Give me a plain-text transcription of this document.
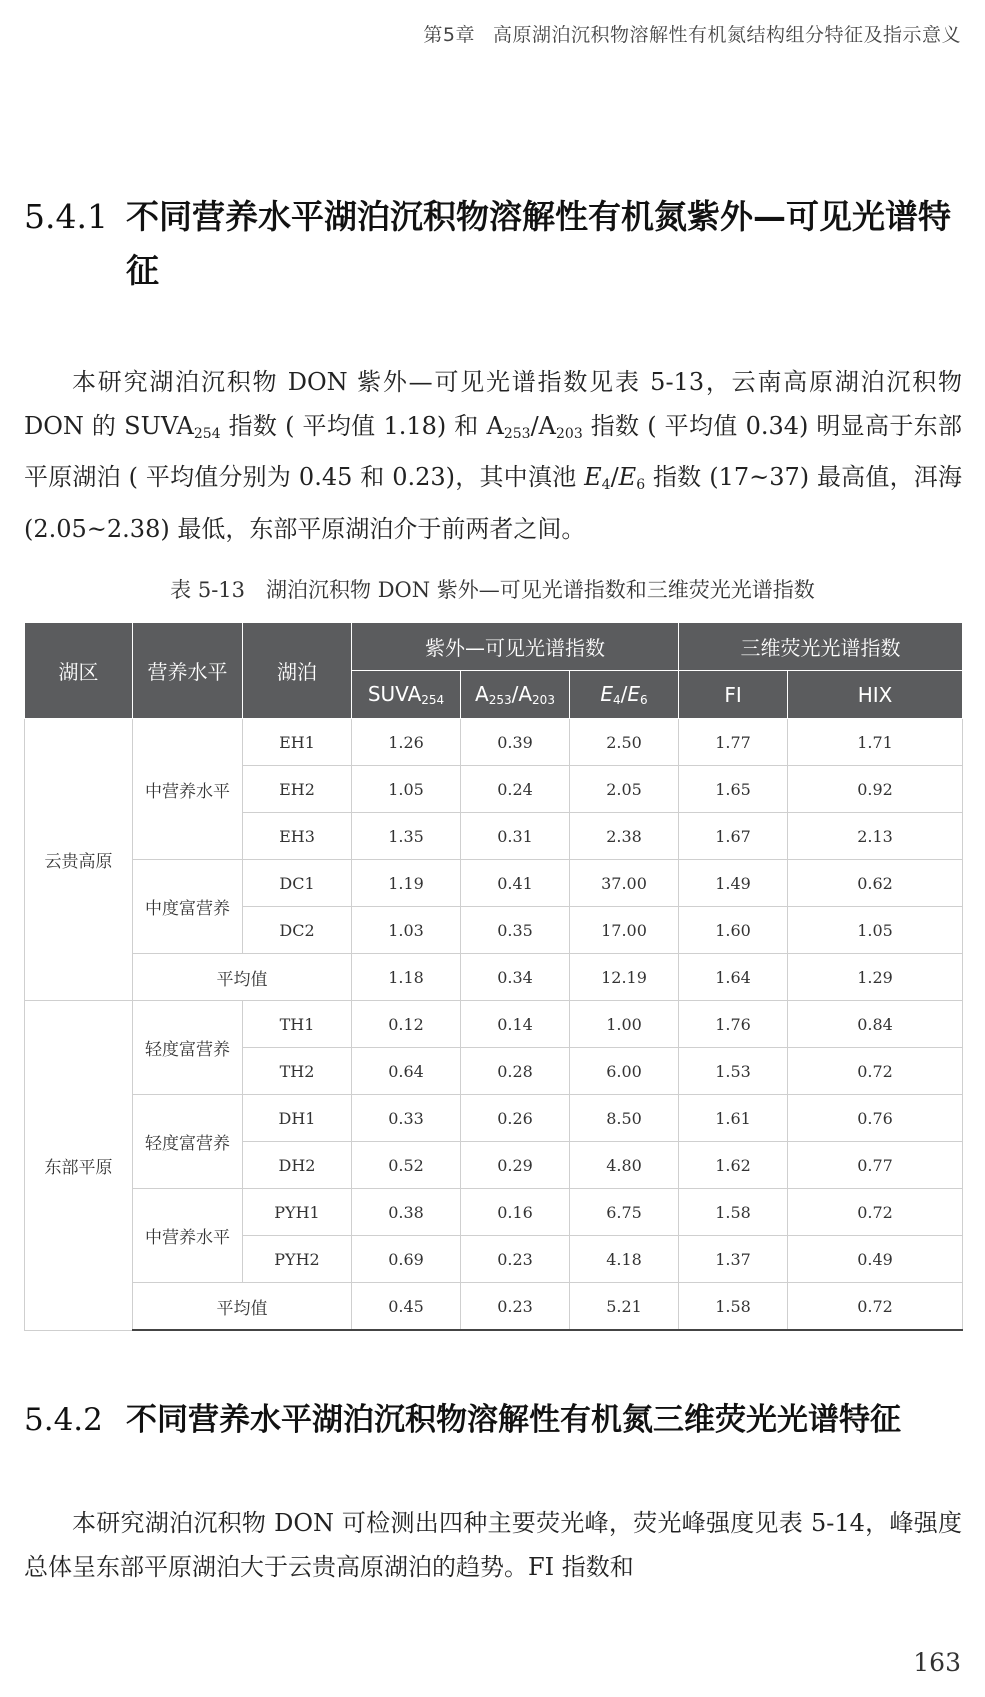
第5章 高原湖泊沉积物溶解性有机氮结构组分特征及指示意义
5.4.1 不同营养水平湖泊沉积物溶解性有机氮紫外—可见光谱特征

本研究湖泊沉积物 DON 紫外—可见光谱指数见表 5-13，云南高原湖泊沉积物 DON 的 $SUVA_{254}$ 指数 ( 平均值 1.18) 和 $A_{253}/A_{203}$ 指数 ( 平均值 0.34) 明显高于东部平原湖泊 ( 平均值分别为 0.45 和 0.23)，其中滇池 $E_4/E_6$ 指数 (17~37) 最高值，洱海 (2.05~2.38) 最低，东部平原湖泊介于前两者之间。

表 5-13　湖泊沉积物 DON 紫外—可见光谱指数和三维荧光光谱指数
湖区	营养水平	湖泊	紫外—可见光谱指数			三维荧光光谱指数	
			$SUVA_{254}$	$A_{253}/A_{203}$	$E_4/E_6$	FI	HIX
云贵高原	中营养水平	EH1	1.26	0.39	2.50	1.77	1.71
		EH2	1.05	0.24	2.05	1.65	0.92
		EH3	1.35	0.31	2.38	1.67	2.13
	中度富营养	DC1	1.19	0.41	37.00	1.49	0.62
		DC2	1.03	0.35	17.00	1.60	1.05
	平均值		1.18	0.34	12.19	1.64	1.29
东部平原	轻度富营养	TH1	0.12	0.14	1.00	1.76	0.84
		TH2	0.64	0.28	6.00	1.53	0.72
	轻度富营养	DH1	0.33	0.26	8.50	1.61	0.76
		DH2	0.52	0.29	4.80	1.62	0.77
	中营养水平	PYH1	0.38	0.16	6.75	1.58	0.72
		PYH2	0.69	0.23	4.18	1.37	0.49
	平均值		0.45	0.23	5.21	1.58	0.72
5.4.2 不同营养水平湖泊沉积物溶解性有机氮三维荧光光谱特征

本研究湖泊沉积物 DON 可检测出四种主要荧光峰，荧光峰强度见表 5-14，峰强度总体呈东部平原湖泊大于云贵高原湖泊的趋势。FI 指数和

163
